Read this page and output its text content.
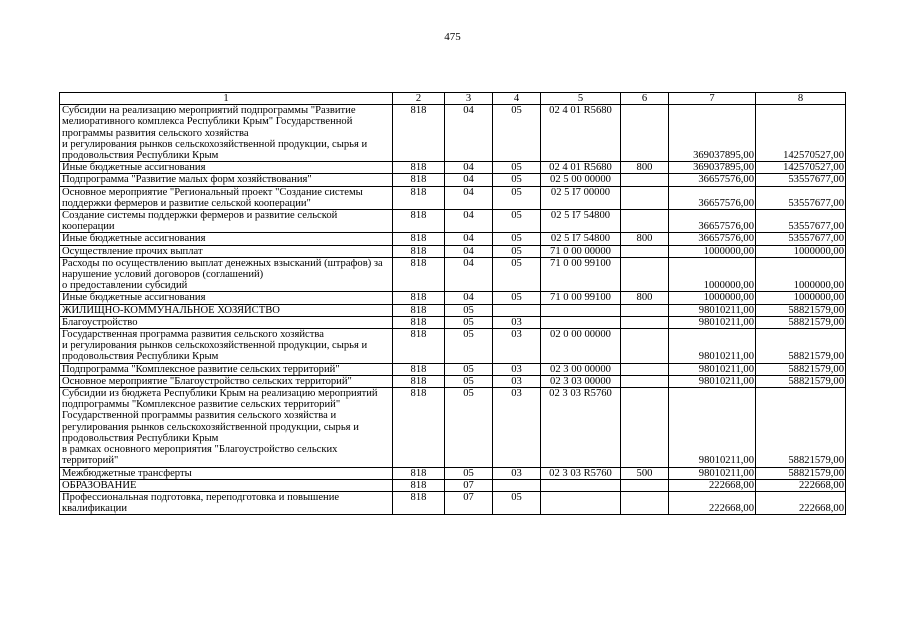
475
1	2	3	4	5	6	7	8
Субсидии на реализацию мероприятий подпрограммы "Развитие мелиоративного комплекса Республики Крым" Государственной программы развития сельского хозяйства
и регулирования рынков сельскохозяйственной продукции, сырья и продовольствия Республики Крым	818	04	05	02 4 01 R5680		369037895,00	142570527,00
Иные бюджетные ассигнования	818	04	05	02 4 01 R5680	800	369037895,00	142570527,00
Подпрограмма "Развитие малых форм хозяйствования"	818	04	05	02 5 00 00000		36657576,00	53557677,00
Основное мероприятие "Региональный проект "Создание системы поддержки фермеров и развитие сельской кооперации"	818	04	05	02 5 I7 00000		36657576,00	53557677,00
Создание системы поддержки фермеров и развитие сельской кооперации	818	04	05	02 5 I7 54800		36657576,00	53557677,00
Иные бюджетные ассигнования	818	04	05	02 5 I7 54800	800	36657576,00	53557677,00
Осуществление прочих выплат	818	04	05	71 0 00 00000		1000000,00	1000000,00
Расходы по осуществлению выплат денежных взысканий (штрафов) за нарушение условий договоров (соглашений)
о предоставлении субсидий	818	04	05	71 0 00 99100		1000000,00	1000000,00
Иные бюджетные ассигнования	818	04	05	71 0 00 99100	800	1000000,00	1000000,00
ЖИЛИЩНО-КОММУНАЛЬНОЕ ХОЗЯЙСТВО	818	05				98010211,00	58821579,00
Благоустройство	818	05	03			98010211,00	58821579,00
Государственная программа развития сельского хозяйства
и регулирования рынков сельскохозяйственной продукции, сырья и продовольствия Республики Крым	818	05	03	02 0 00 00000		98010211,00	58821579,00
Подпрограмма "Комплексное развитие сельских территорий"	818	05	03	02 3 00 00000		98010211,00	58821579,00
Основное мероприятие "Благоустройство сельских территорий"	818	05	03	02 3 03 00000		98010211,00	58821579,00
Субсидии из бюджета Республики Крым на реализацию мероприятий подпрограммы "Комплексное развитие сельских территорий" Государственной программы развития сельского хозяйства и регулирования рынков сельскохозяйственной продукции, сырья и продовольствия Республики Крым
в рамках основного мероприятия "Благоустройство сельских территорий"	818	05	03	02 3 03 R5760		98010211,00	58821579,00
Межбюджетные трансферты	818	05	03	02 3 03 R5760	500	98010211,00	58821579,00
ОБРАЗОВАНИЕ	818	07				222668,00	222668,00
Профессиональная подготовка, переподготовка и повышение квалификации	818	07	05			222668,00	222668,00
